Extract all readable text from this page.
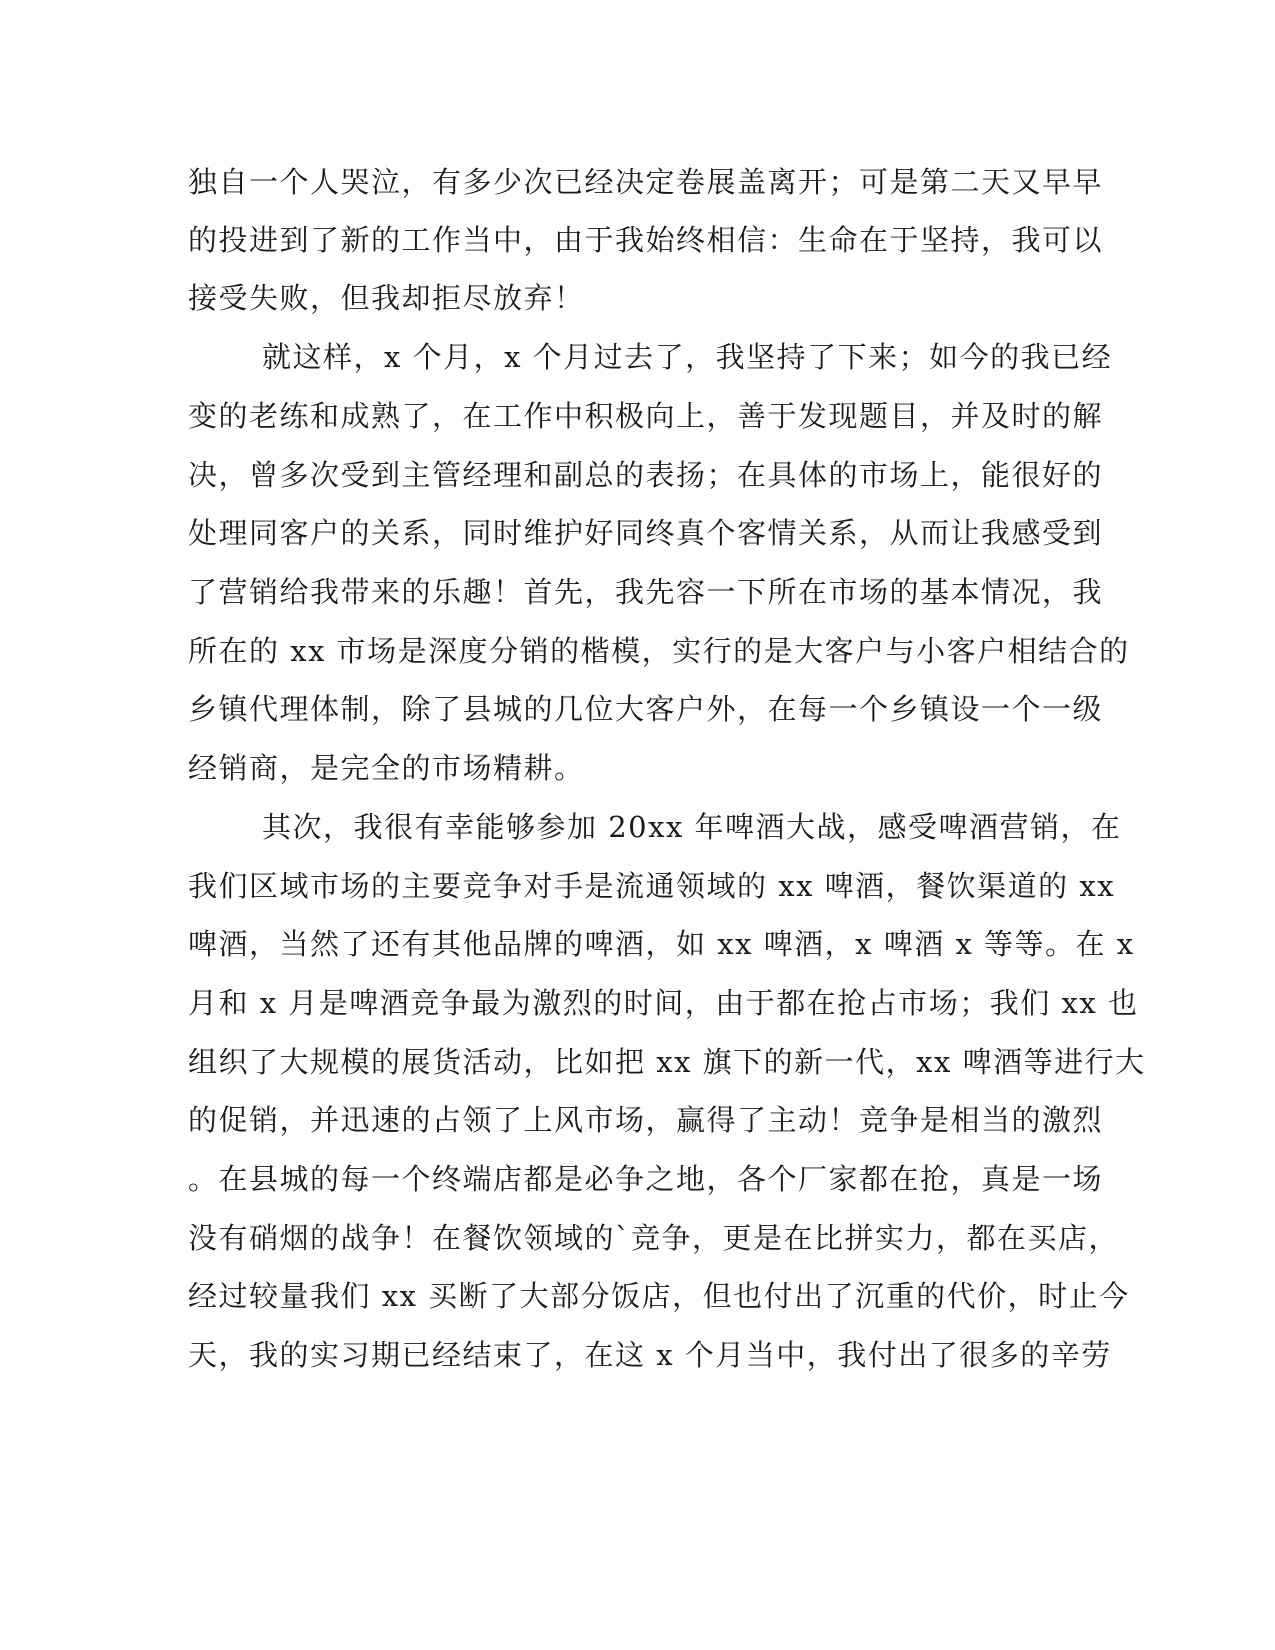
独自一个人哭泣，有多少次已经决定卷展盖离开；可是第二天又早早
的投进到了新的工作当中，由于我始终相信：生命在于坚持，我可以
接受失败，但我却拒尽放弃！
就这样，x 个月，x 个月过去了，我坚持了下来；如今的我已经
变的老练和成熟了，在工作中积极向上，善于发现题目，并及时的解
决，曾多次受到主管经理和副总的表扬；在具体的市场上，能很好的
处理同客户的关系，同时维护好同终真个客情关系，从而让我感受到
了营销给我带来的乐趣！首先，我先容一下所在市场的基本情况，我
所在的 xx 市场是深度分销的楷模，实行的是大客户与小客户相结合的
乡镇代理体制，除了县城的几位大客户外，在每一个乡镇设一个一级
经销商，是完全的市场精耕。
其次，我很有幸能够参加 20xx 年啤酒大战，感受啤酒营销，在
我们区域市场的主要竞争对手是流通领域的 xx 啤酒，餐饮渠道的 xx
啤酒，当然了还有其他品牌的啤酒，如 xx 啤酒，x 啤酒 x 等等。在 x
月和 x 月是啤酒竞争最为激烈的时间，由于都在抢占市场；我们 xx 也
组织了大规模的展货活动，比如把 xx 旗下的新一代，xx 啤酒等进行大
的促销，并迅速的占领了上风市场，赢得了主动！竞争是相当的激烈
。在县城的每一个终端店都是必争之地，各个厂家都在抢，真是一场
没有硝烟的战争！在餐饮领域的`竞争，更是在比拼实力，都在买店，
经过较量我们 xx 买断了大部分饭店，但也付出了沉重的代价，时止今
天，我的实习期已经结束了，在这 x 个月当中，我付出了很多的辛劳
